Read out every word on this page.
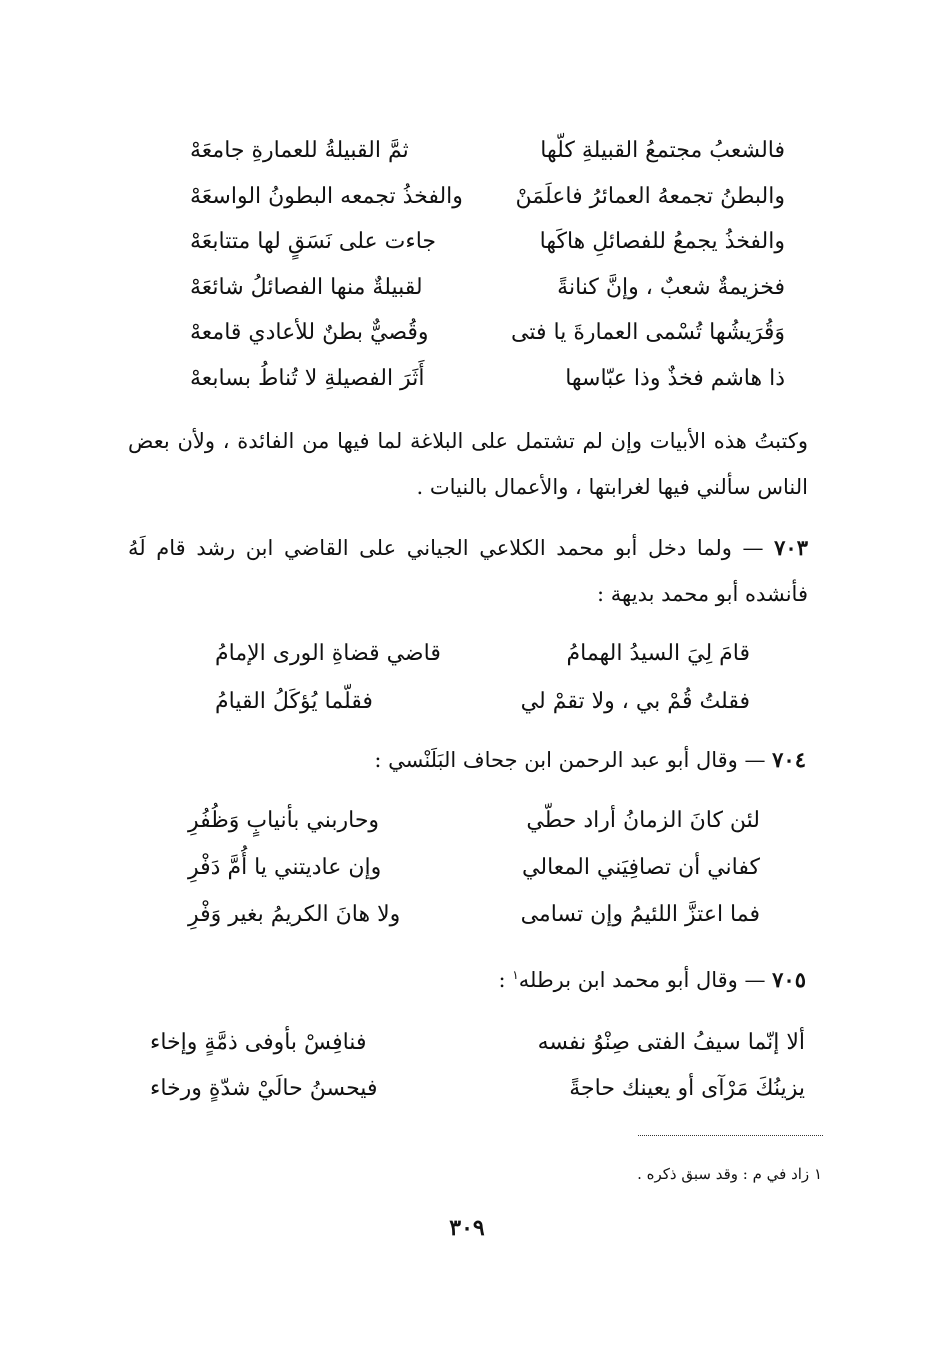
فالشعبُ مجتمعُ القبيلةِ كلّها
ثمَّ القبيلةُ للعمارةِ جامعَهْ
والبطنُ تجمعهُ العمائرُ فاعلَمَنْ
والفخذُ تجمعه البطونُ الواسعَهْ
والفخذُ يجمعُ للفصائلِ هاكَها
جاءت على نَسَقٍ لها متتابعَهْ
فخزيمةٌ شعبٌ ، وإنَّ كنانةً
لقبيلةٌ منها الفصائلُ شائعَهْ
وَقُرَيشُها تُسْمى العمارةَ يا فتى
وقُصيٌّ بطنٌ للأعادي قامعهْ
ذا هاشم فخذٌ وذا عبّاسها
أَثَرَ الفصيلةِ لا تُناطُ بسابعهْ
وكتبتُ هذه الأبيات وإن لم تشتمل على البلاغة لما فيها من الفائدة ، ولأن بعض الناس سألني فيها لغرابتها ، والأعمال بالنيات .
٧٠٣ — ولما دخل أبو محمد الكلاعي الجياني على القاضي ابن رشد قام لَهُ فأنشده أبو محمد بديهة :
قامَ لِيَ السيدُ الهمامُ
قاضي قضاةِ الورى الإمامُ
فقلتُ قُمْ بي ، ولا تقمْ لي
فقلّما يُؤكَلُ القيامُ
٧٠٤ — وقال أبو عبد الرحمن ابن جحاف البَلَنْسي :
لئن كانَ الزمانُ أراد حطّي
وحاربني بأنيابٍ وَظُفُرِ
كفاني أن تصافِيَني المعالي
وإن عاديتني يا أُمَّ دَفْرِ
فما اعتزَّ اللئيمُ وإن تسامى
ولا هانَ الكريمُ بغير وَفْرِ
٧٠٥ — وقال أبو محمد ابن برطله$^١$ :
ألا إنّما سيفُ الفتى صِنْوُ نفسه
فنافِسْ بأوفى ذمَّةٍ وإخاء
يزينُكَ مَرْآى أو يعينك حاجةً
فيحسنُ حالَيْ شدّةٍ ورخاء
١ زاد في م : وقد سبق ذكره .
٣٠٩
